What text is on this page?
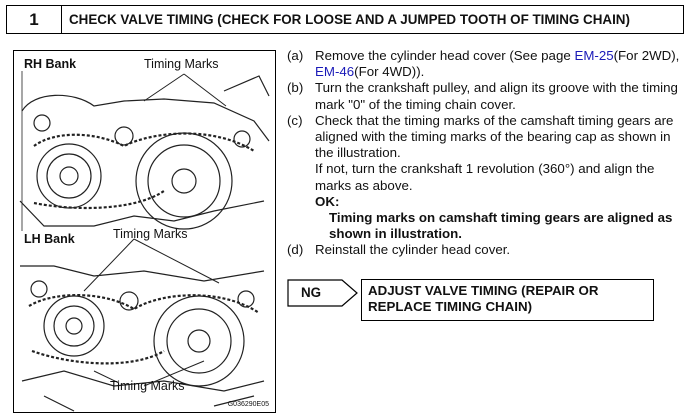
1	CHECK VALVE TIMING (CHECK FOR LOOSE AND A JUMPED TOOTH OF TIMING CHAIN)
RH Bank	Timing Marks
Timing Marks
LH Bank
Timing Marks
G036290E05
(a) Remove the cylinder head cover (See page EM-25(For 2WD), EM-46(For 4WD)).
(b) Turn the crankshaft pulley, and align its groove with the timing mark "0" of the timing chain cover.
(c) Check that the timing marks of the camshaft timing gears are aligned with the timing marks of the bearing cap as shown in the illustration.
If not, turn the crankshaft 1 revolution (360°) and align the marks as above.
OK:
Timing marks on camshaft timing gears are aligned as shown in illustration.
(d) Reinstall the cylinder head cover.
NG	ADJUST VALVE TIMING (REPAIR OR REPLACE TIMING CHAIN)
